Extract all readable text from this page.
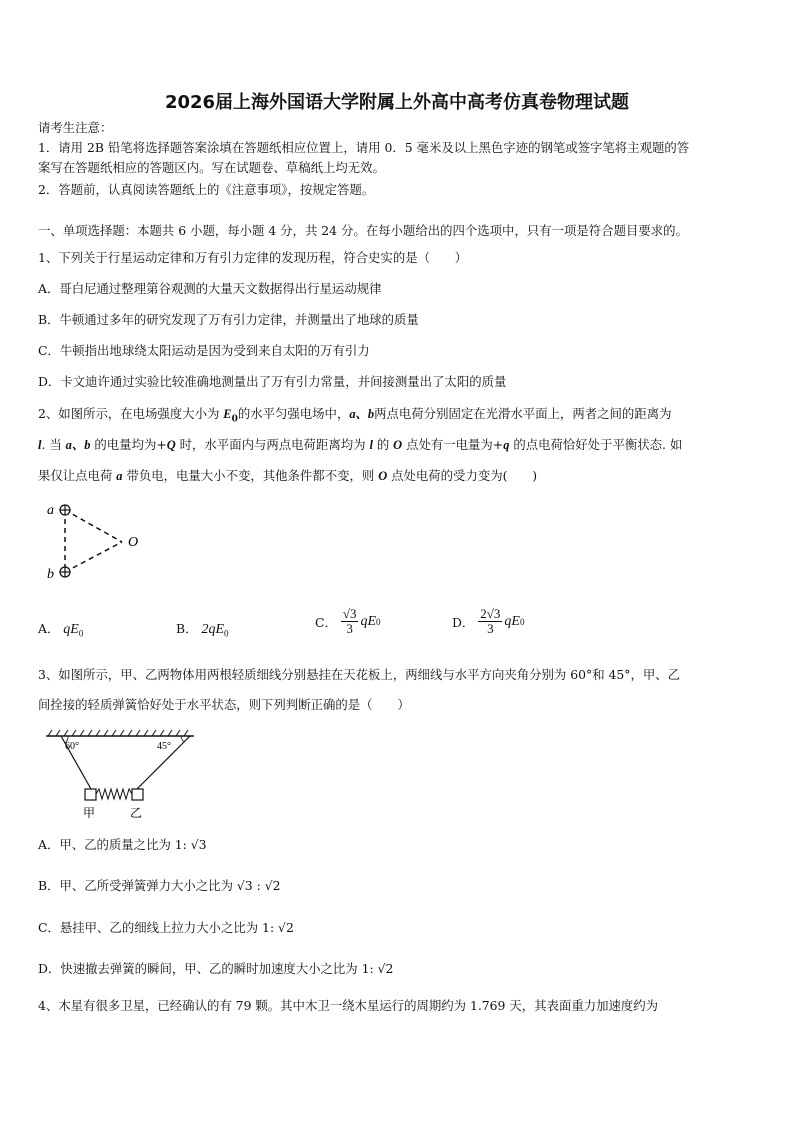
2026届上海外国语大学附属上外高中高考仿真卷物理试题
请考生注意：
1．请用 2B 铅笔将选择题答案涂填在答题纸相应位置上，请用 0．5 毫米及以上黑色字迹的钢笔或签字笔将主观题的答
案写在答题纸相应的答题区内。写在试题卷、草稿纸上均无效。
2．答题前，认真阅读答题纸上的《注意事项》，按规定答题。
一、单项选择题：本题共 6 小题，每小题 4 分，共 24 分。在每小题给出的四个选项中，只有一项是符合题目要求的。
1、下列关于行星运动定律和万有引力定律的发现历程，符合史实的是（　　）
A．哥白尼通过整理第谷观测的大量天文数据得出行星运动规律
B．牛顿通过多年的研究发现了万有引力定律，并测量出了地球的质量
C．牛顿指出地球绕太阳运动是因为受到来自太阳的万有引力
D．卡文迪许通过实验比较准确地测量出了万有引力常量，并间接测量出了太阳的质量
2、如图所示，在电场强度大小为 $E_0$的水平匀强电场中，a、b两点电荷分别固定在光滑水平面上，两者之间的距离为
l. 当 a、b 的电量均为+Q 时，水平面内与两点电荷距离均为 l 的 O 点处有一电量为+q 的点电荷恰好处于平衡状态. 如
果仅让点电荷 a 带负电，电量大小不变，其他条件都不变，则 O 点处电荷的受力变为(　　)
a
b
O
A． $qE_0$	B． $2qE_0$
C．
$\frac{√3}{3}$ qE 0	D．
$\frac{2√3}{3}$ qE 0
3、如图所示，甲、乙两物体用两根轻质细线分别悬挂在天花板上，两细线与水平方向夹角分别为 60°和 45°，甲、乙
间拴接的轻质弹簧恰好处于水平状态，则下列判断正确的是（　　）
60°	45°
甲	乙
A．甲、乙的质量之比为 1: √3
B．甲、乙所受弹簧弹力大小之比为 √3 : √2
C．悬挂甲、乙的细线上拉力大小之比为 1: √2
D．快速撤去弹簧的瞬间，甲、乙的瞬时加速度大小之比为 1: √2
4、木星有很多卫星，已经确认的有 79 颗。其中木卫一绕木星运行的周期约为 1.769 天，其表面重力加速度约为
